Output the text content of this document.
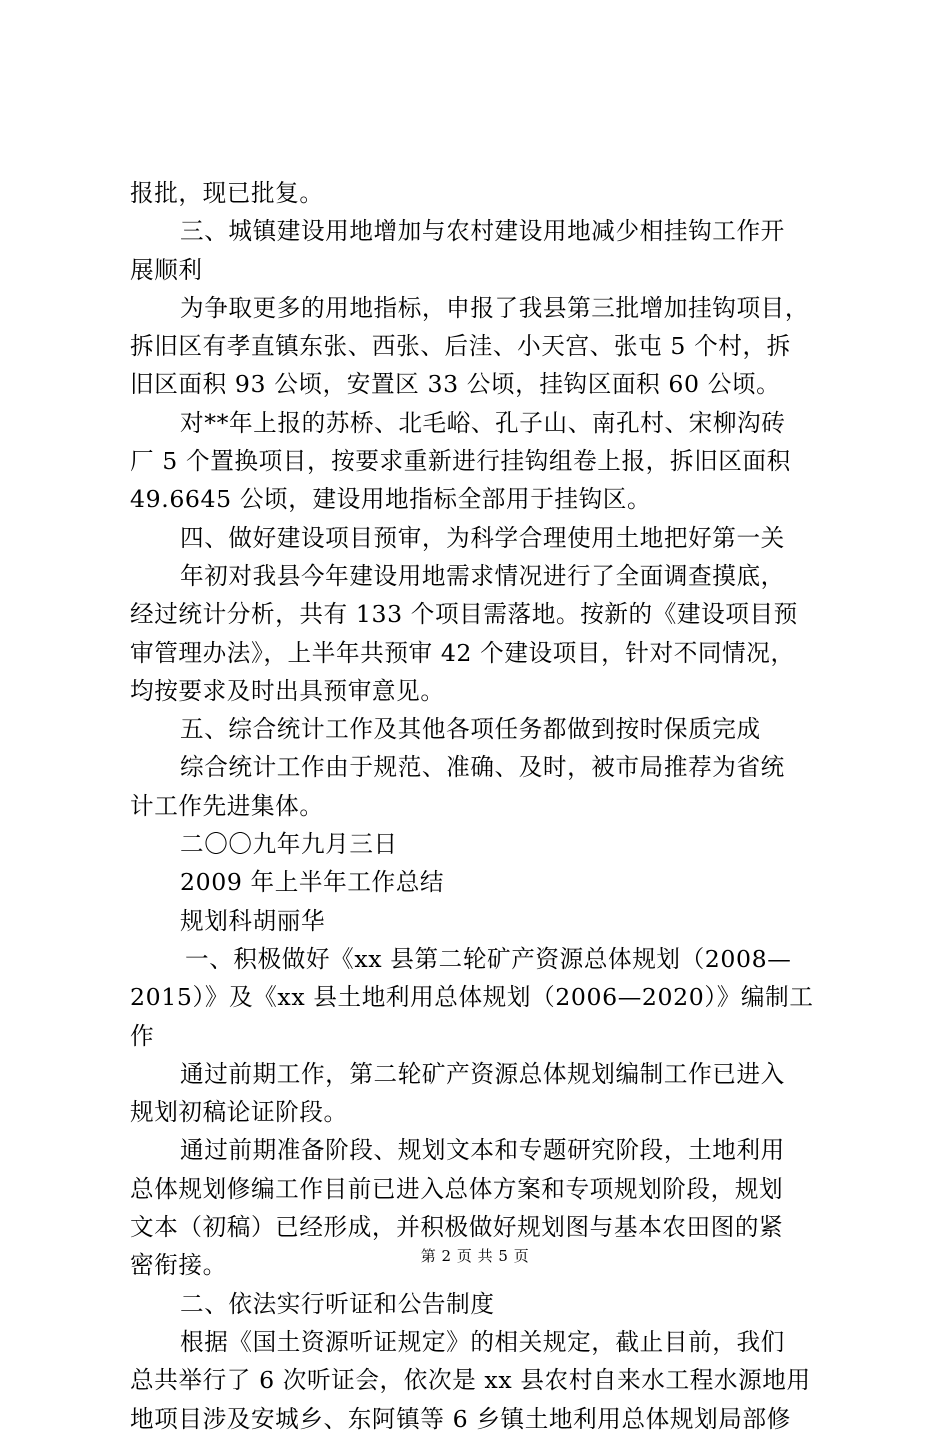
报批，现已批复。
三、城镇建设用地增加与农村建设用地减少相挂钩工作开
展顺利
为争取更多的用地指标，申报了我县第三批增加挂钩项目，
拆旧区有孝直镇东张、西张、后洼、小天宫、张屯 5 个村，拆
旧区面积 93 公顷，安置区 33 公顷，挂钩区面积 60 公顷。
对**年上报的苏桥、北毛峪、孔子山、南孔村、宋柳沟砖
厂 5 个置换项目，按要求重新进行挂钩组卷上报，拆旧区面积
49.6645 公顷，建设用地指标全部用于挂钩区。
四、做好建设项目预审，为科学合理使用土地把好第一关
年初对我县今年建设用地需求情况进行了全面调查摸底，
经过统计分析，共有 133 个项目需落地。按新的《建设项目预
审管理办法》，上半年共预审 42 个建设项目，针对不同情况，
均按要求及时出具预审意见。
五、综合统计工作及其他各项任务都做到按时保质完成
综合统计工作由于规范、准确、及时，被市局推荐为省统
计工作先进集体。
二〇〇九年九月三日
2009 年上半年工作总结
规划科胡丽华
一、积极做好《xx 县第二轮矿产资源总体规划（2008—
2015）》及《xx 县土地利用总体规划（2006—2020）》编制工
作
通过前期工作，第二轮矿产资源总体规划编制工作已进入
规划初稿论证阶段。
通过前期准备阶段、规划文本和专题研究阶段，土地利用
总体规划修编工作目前已进入总体方案和专项规划阶段，规划
文本（初稿）已经形成，并积极做好规划图与基本农田图的紧
密衔接。
二、依法实行听证和公告制度
根据《国土资源听证规定》的相关规定，截止目前，我们
总共举行了 6 次听证会，依次是 xx 县农村自来水工程水源地用
地项目涉及安城乡、东阿镇等 6 乡镇土地利用总体规划局部修
第 2 页 共 5 页
